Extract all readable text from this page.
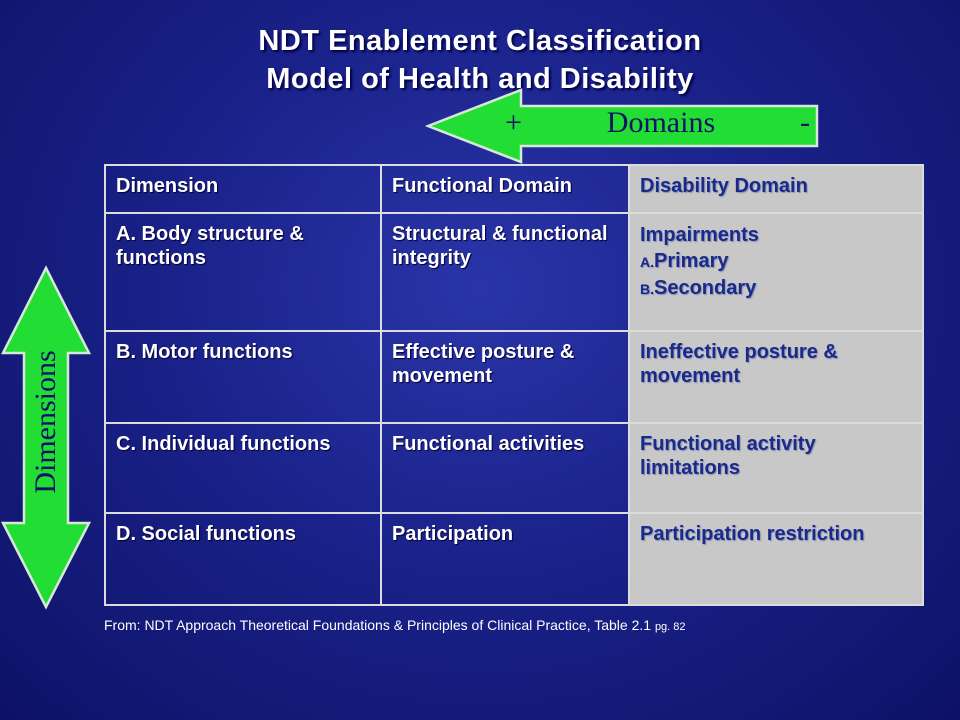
NDT Enablement Classification
Model of Health and Disability
+	Domains	-
Dimensions
Dimension	Functional Domain	Disability Domain
A. Body structure & functions	Structural & functional integrity	Impairments
A.Primary
B.Secondary

B. Motor functions	Effective posture & movement	Ineffective posture & movement
C. Individual functions	Functional activities	Functional activity limitations
D. Social functions	Participation	Participation restriction
From: NDT Approach Theoretical Foundations & Principles of Clinical Practice, Table 2.1 pg. 82
